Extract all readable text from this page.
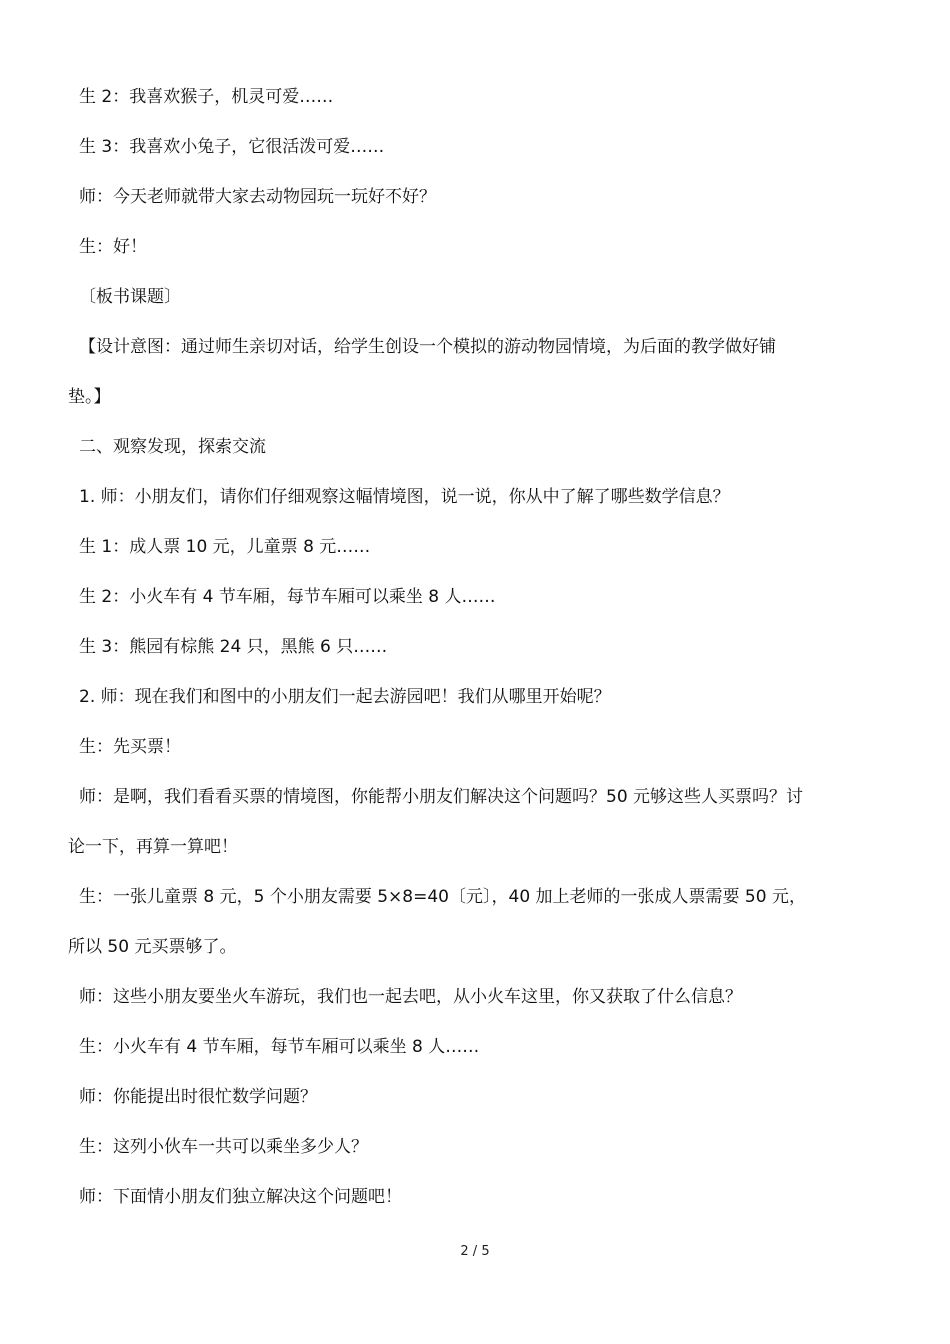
生 2：我喜欢猴子，机灵可爱……
生 3：我喜欢小兔子，它很活泼可爱……
师：今天老师就带大家去动物园玩一玩好不好？
生：好！
〔板书课题〕
【设计意图：通过师生亲切对话，给学生创设一个模拟的游动物园情境，为后面的教学做好铺
垫。】
二、观察发现，探索交流
1. 师：小朋友们，请你们仔细观察这幅情境图，说一说，你从中了解了哪些数学信息？
生 1：成人票 10 元，儿童票 8 元……
生 2：小火车有 4 节车厢，每节车厢可以乘坐 8 人……
生 3：熊园有棕熊 24 只，黑熊 6 只……
2. 师：现在我们和图中的小朋友们一起去游园吧！我们从哪里开始呢？
生：先买票！
师：是啊，我们看看买票的情境图，你能帮小朋友们解决这个问题吗？50 元够这些人买票吗？讨
论一下，再算一算吧！
生：一张儿童票 8 元，5 个小朋友需要 5×8=40〔元〕，40 加上老师的一张成人票需要 50 元，
所以 50 元买票够了。
师：这些小朋友要坐火车游玩，我们也一起去吧，从小火车这里，你又获取了什么信息？
生：小火车有 4 节车厢，每节车厢可以乘坐 8 人……
师：你能提出时很忙数学问题？
生：这列小伙车一共可以乘坐多少人？
师：下面情小朋友们独立解决这个问题吧！
2 / 5
